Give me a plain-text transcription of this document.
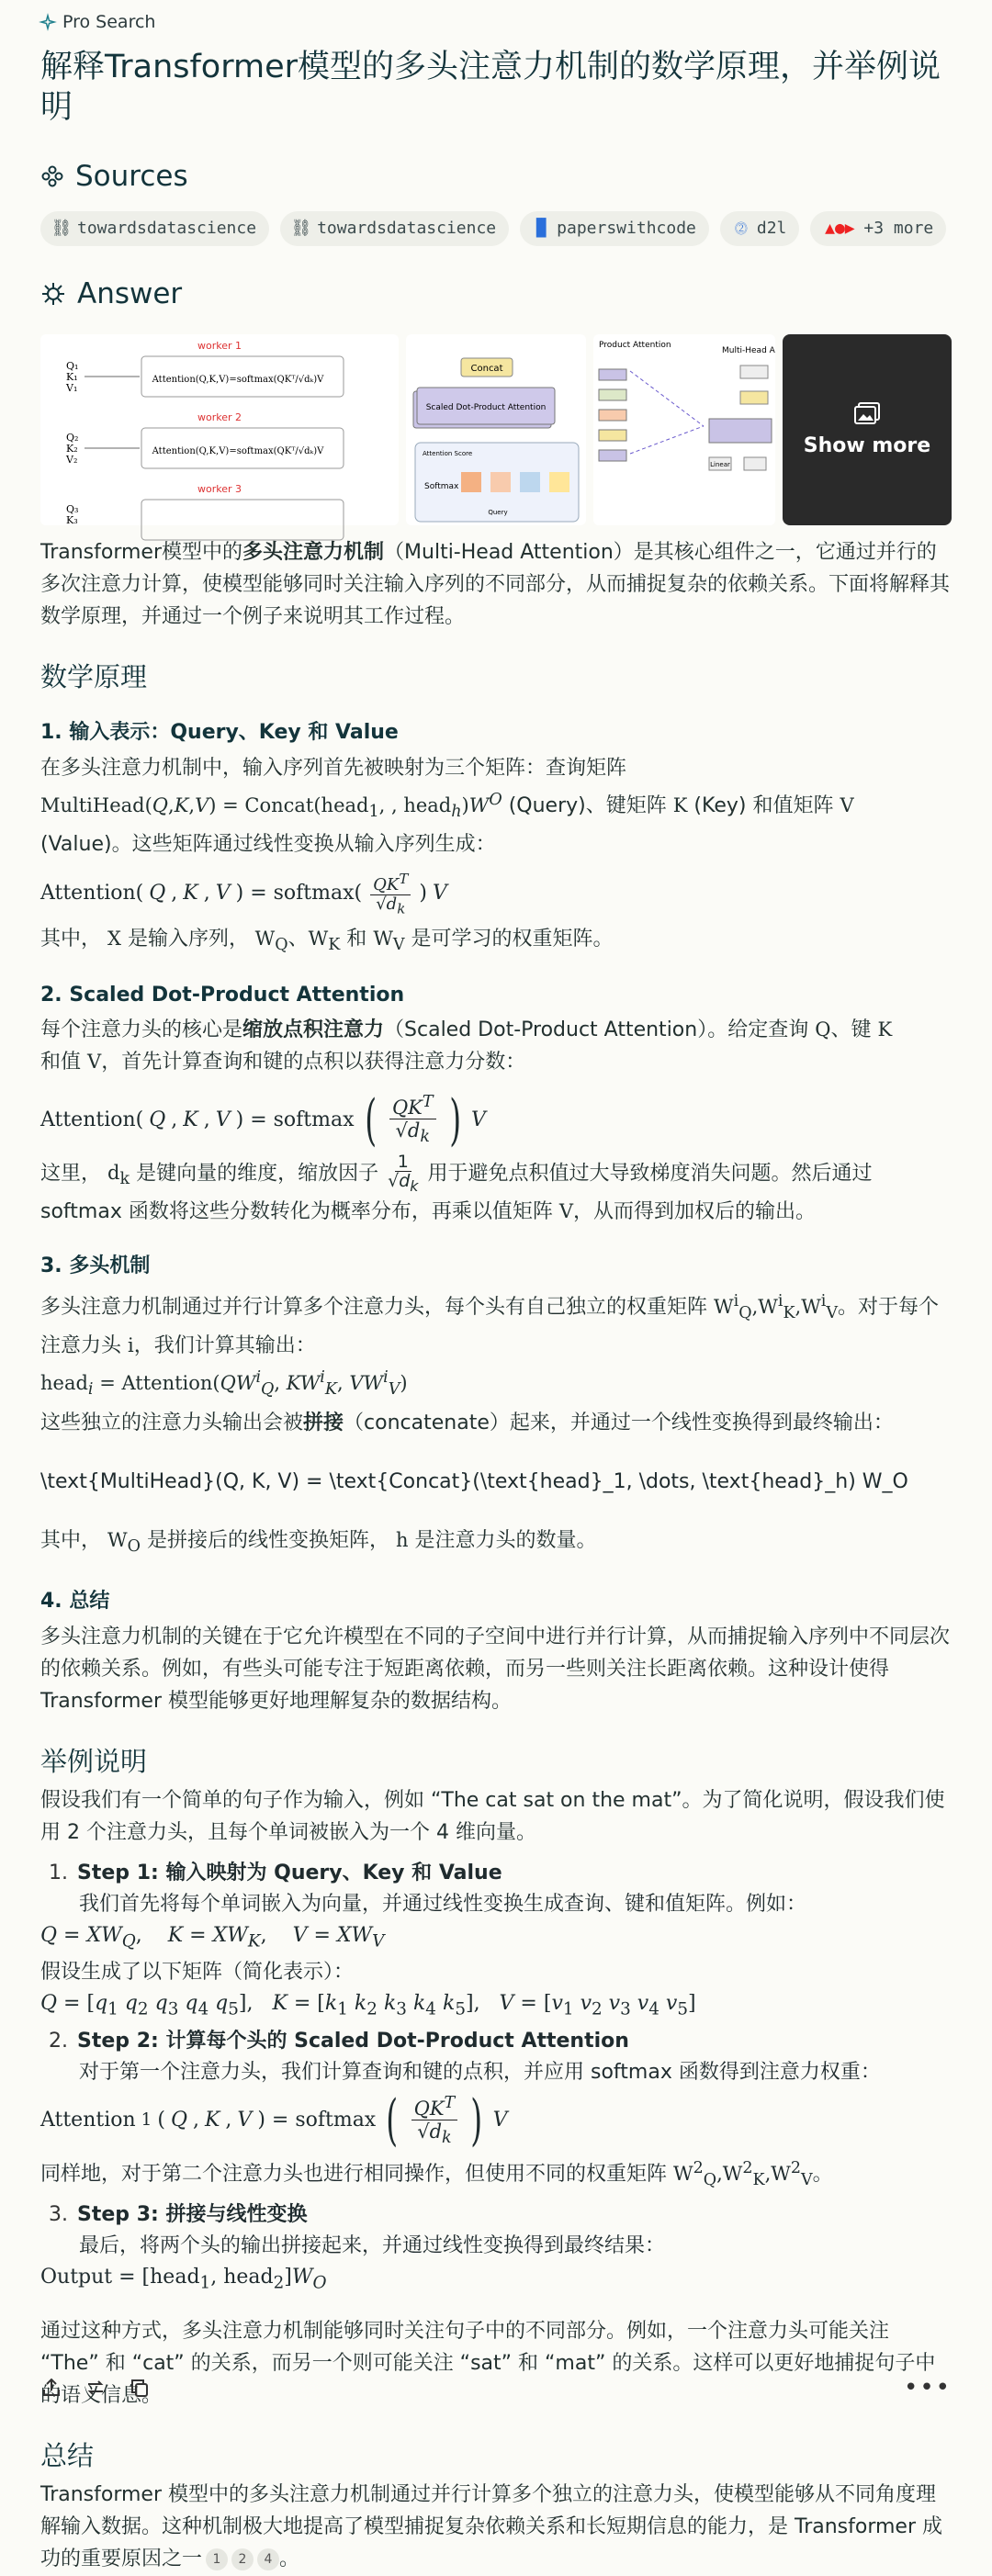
Pro Search
解释Transformer模型的多头注意力机制的数学原理，并举例说明
Sources
⛓ towardsdatascience ⛓ towardsdatascience ▐▌ paperswithcode	⓶ d2l ▲●▶ +3 more
Answer
worker 1
Attention(Q,K,V)=softmax(QKᵀ/√dₖ)V
Q₁
K₁
V₁
worker 2
Attention(Q,K,V)=softmax(QKᵀ/√dₖ)V
Q₂
K₂
V₂
worker 3
Q₃
K₃
Concat
Scaled Dot-Product Attention
Attention Score
Softmax
Query
Product Attention
Multi-Head A
Linear
Show more

Transformer模型中的多头注意力机制（Multi-Head Attention）是其核心组件之一，它通过并行的多次注意力计算，使模型能够同时关注输入序列的不同部分，从而捕捉复杂的依赖关系。下面将解释其数学原理，并通过一个例子来说明其工作过程。

数学原理
1. 输入表示：Query、Key 和 Value

在多头注意力机制中，输入序列首先被映射为三个矩阵：查询矩阵
MultiHead(Q,K,V) = Concat(head$_1$, , $head_h)W^O$ (Query)、键矩阵 K (Key) 和值矩阵 V (Value)。这些矩阵通过线性变换从输入序列生成：

Attention( Q , K , V ) = softmax( $\frac{QK^T}{√d_k}$ ) V

其中， X 是输入序列， $W_Q$、$W_K$ 和 $W_V$ 是可学习的权重矩阵。

2. Scaled Dot-Product Attention

每个注意力头的核心是缩放点积注意力（Scaled Dot-Product Attention）。给定查询 Q、键 K
和值 V，首先计算查询和键的点积以获得注意力分数：

Attention( Q , K , V ) = softmax ( $\frac{QK^T}{√d_k}$ ) V

这里， $d_k$ 是键向量的维度，缩放因子 $\frac{1}{√d_k}$ 用于避免点积值过大导致梯度消失问题。然后通过 softmax 函数将这些分数转化为概率分布，再乘以值矩阵 V，从而得到加权后的输出。

3. 多头机制

多头注意力机制通过并行计算多个注意力头，每个头有自己独立的权重矩阵 $W^i_Q,W^i_K,W^i_V$。对于每个注意力头 i，我们计算其输出：
head$_i$ = $Attention(QW^i_Q$, $KW^i_K$, $VW^i_V$)
这些独立的注意力头输出会被拼接（concatenate）起来，并通过一个线性变换得到最终输出：

\text{MultiHead}(Q, K, V) = \text{Concat}(\text{head}_1, \dots, \text{head}_h) W_O

其中， $W_O$ 是拼接后的线性变换矩阵， h 是注意力头的数量。

4. 总结

多头注意力机制的关键在于它允许模型在不同的子空间中进行并行计算，从而捕捉输入序列中不同层次的依赖关系。例如，有些头可能专注于短距离依赖，而另一些则关注长距离依赖。这种设计使得 Transformer 模型能够更好地理解复杂的数据结构。

举例说明

假设我们有一个简单的句子作为输入，例如 “The cat sat on the mat”。为了简化说明，假设我们使用 2 个注意力头，且每个单词被嵌入为一个 4 维向量。

1. Step 1: 输入映射为 Query、Key 和 Value
我们首先将每个单词嵌入为向量，并通过线性变换生成查询、键和值矩阵。例如：
$Q = XW_Q$,    $K = XW_K$,    $V = XW_V$
假设生成了以下矩阵（简化表示）：
$Q = [q_1$ $q_2$ $q_3$ $q_4$ $q_5$],   $K = [k_1$ $k_2$ $k_3$ $k_4$ $k_5$],   $V = [v_1$ $v_2$ $v_3$ $v_4$ $v_5$]
2. Step 2: 计算每个头的 Scaled Dot-Product Attention
对于第一个注意力头，我们计算查询和键的点积，并应用 softmax 函数得到注意力权重：
Attention 1 ( Q , K , V ) = softmax ( $\frac{QK^T}{√d_k}$ ) V
同样地，对于第二个注意力头也进行相同操作，但使用不同的权重矩阵 $W^2_Q,W^2_K,W^2_V$。
3. Step 3: 拼接与线性变换
最后，将两个头的输出拼接起来，并通过线性变换得到最终结果：
Output = [head$_1$, $head_2]W_O$

通过这种方式，多头注意力机制能够同时关注句子中的不同部分。例如，一个注意力头可能关注 “The” 和 “cat” 的关系，而另一个则可能关注 “sat” 和 “mat” 的关系。这样可以更好地捕捉句子中的语义信息。

总结

Transformer 模型中的多头注意力机制通过并行计算多个独立的注意力头，使模型能够从不同角度理解输入数据。这种机制极大地提高了模型捕捉复杂依赖关系和长短期信息的能力，是 Transformer 成功的重要原因之一 1 2 4 。

•••
